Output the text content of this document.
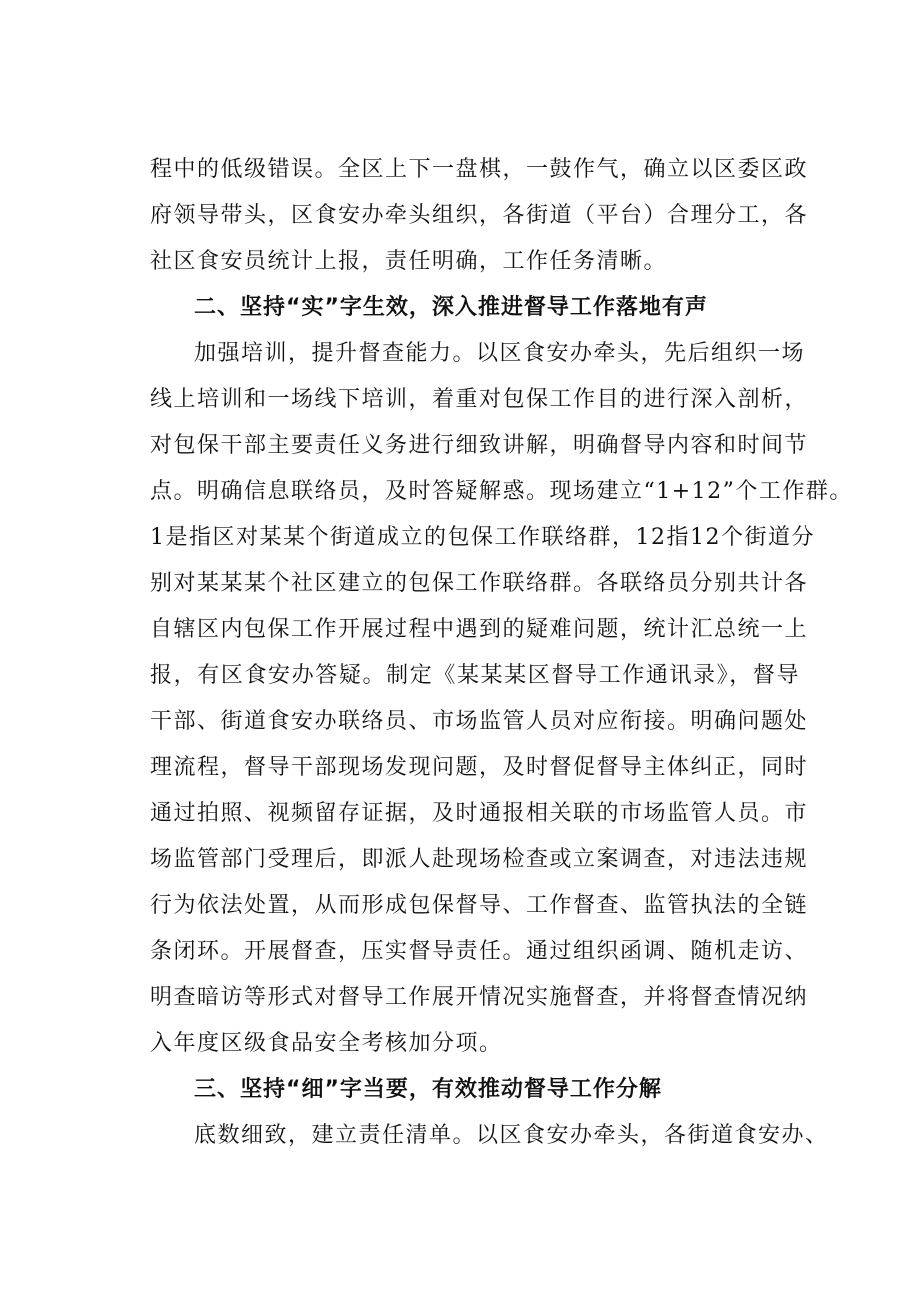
程中的低级错误。全区上下一盘棋，一鼓作气，确立以区委区政
府领导带头，区食安办牵头组织，各街道（平台）合理分工，各
社区食安员统计上报，责任明确，工作任务清晰。
二、坚持“实”字生效，深入推进督导工作落地有声
加强培训，提升督查能力。以区食安办牵头，先后组织一场
线上培训和一场线下培训，着重对包保工作目的进行深入剖析，
对包保干部主要责任义务进行细致讲解，明确督导内容和时间节
点。明确信息联络员，及时答疑解惑。现场建立“1+12”个工作群。
1是指区对某某个街道成立的包保工作联络群，12指12个街道分
别对某某某个社区建立的包保工作联络群。各联络员分别共计各
自辖区内包保工作开展过程中遇到的疑难问题，统计汇总统一上
报，有区食安办答疑。制定《某某某区督导工作通讯录》，督导
干部、街道食安办联络员、市场监管人员对应衔接。明确问题处
理流程，督导干部现场发现问题，及时督促督导主体纠正，同时
通过拍照、视频留存证据，及时通报相关联的市场监管人员。市
场监管部门受理后，即派人赴现场检查或立案调查，对违法违规
行为依法处置，从而形成包保督导、工作督查、监管执法的全链
条闭环。开展督查，压实督导责任。通过组织函调、随机走访、
明查暗访等形式对督导工作展开情况实施督查，并将督查情况纳
入年度区级食品安全考核加分项。
三、坚持“细”字当要，有效推动督导工作分解
底数细致，建立责任清单。以区食安办牵头，各街道食安办、
